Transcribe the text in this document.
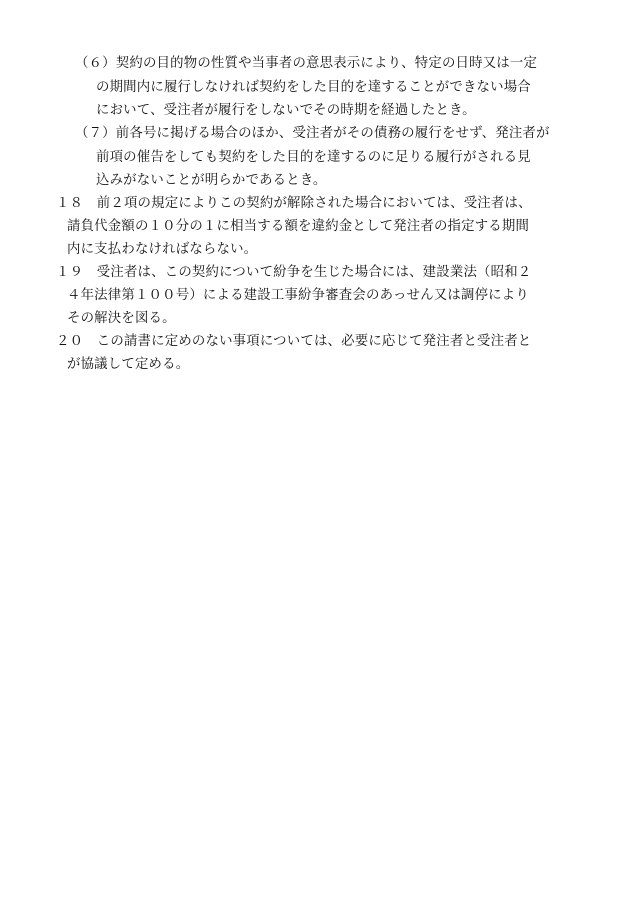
（６）契約の目的物の性質や当事者の意思表示により、特定の日時又は一定
の期間内に履行しなければ契約をした目的を達することができない場合
において、受注者が履行をしないでその時期を経過したとき。
（７）前各号に掲げる場合のほか、受注者がその債務の履行をせず、発注者が
前項の催告をしても契約をした目的を達するのに足りる履行がされる見
込みがないことが明らかであるとき。
１８　前２項の規定によりこの契約が解除された場合においては、受注者は、
請負代金額の１０分の１に相当する額を違約金として発注者の指定する期間
内に支払わなければならない。
１９　受注者は、この契約について紛争を生じた場合には、建設業法（昭和２
４年法律第１００号）による建設工事紛争審査会のあっせん又は調停により
その解決を図る。
２０　この請書に定めのない事項については、必要に応じて発注者と受注者と
が協議して定める。
